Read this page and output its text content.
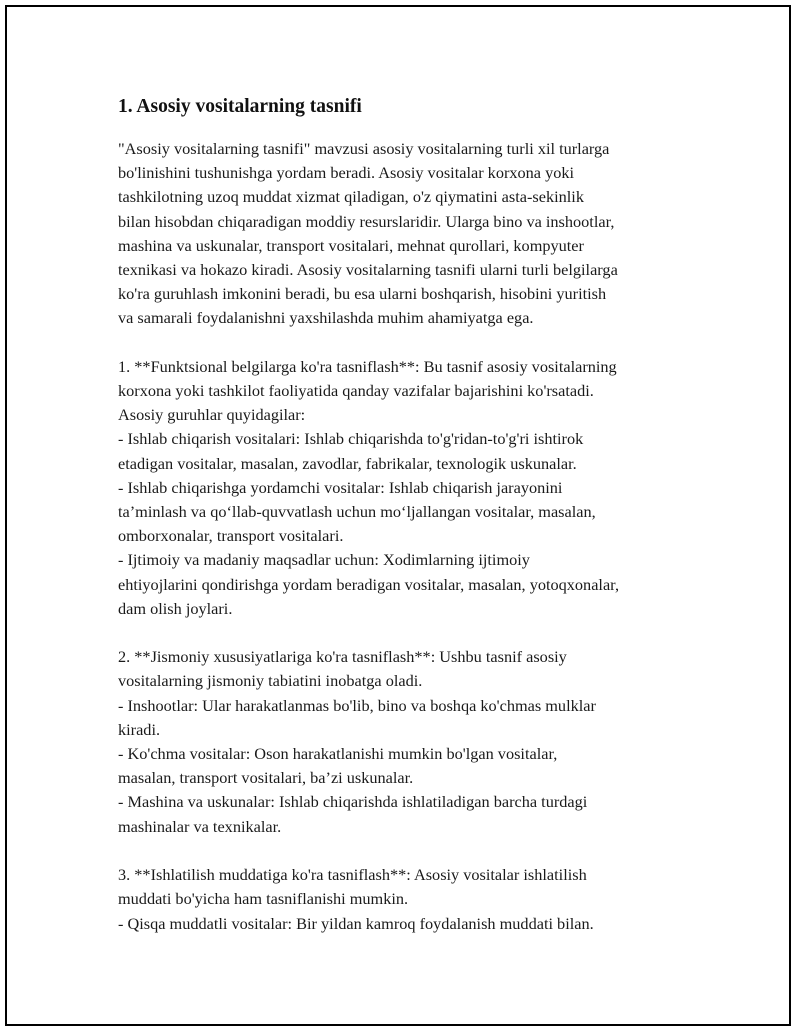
1. Asosiy vositalarning tasnifi

"Asosiy vositalarning tasnifi" mavzusi asosiy vositalarning turli xil turlarga
bo'linishini tushunishga yordam beradi. Asosiy vositalar korxona yoki
tashkilotning uzoq muddat xizmat qiladigan, o'z qiymatini asta-sekinlik
bilan hisobdan chiqaradigan moddiy resurslaridir. Ularga bino va inshootlar,
mashina va uskunalar, transport vositalari, mehnat qurollari, kompyuter
texnikasi va hokazo kiradi. Asosiy vositalarning tasnifi ularni turli belgilarga
ko'ra guruhlash imkonini beradi, bu esa ularni boshqarish, hisobini yuritish
va samarali foydalanishni yaxshilashda muhim ahamiyatga ega.

1. **Funktsional belgilarga ko'ra tasniflash**: Bu tasnif asosiy vositalarning
korxona yoki tashkilot faoliyatida qanday vazifalar bajarishini ko'rsatadi.
Asosiy guruhlar quyidagilar:
- Ishlab chiqarish vositalari: Ishlab chiqarishda to'g'ridan-to'g'ri ishtirok
etadigan vositalar, masalan, zavodlar, fabrikalar, texnologik uskunalar.
- Ishlab chiqarishga yordamchi vositalar: Ishlab chiqarish jarayonini
ta’minlash va qo‘llab-quvvatlash uchun mo‘ljallangan vositalar, masalan,
omborxonalar, transport vositalari.
- Ijtimoiy va madaniy maqsadlar uchun: Xodimlarning ijtimoiy
ehtiyojlarini qondirishga yordam beradigan vositalar, masalan, yotoqxonalar,
dam olish joylari.

2. **Jismoniy xususiyatlariga ko'ra tasniflash**: Ushbu tasnif asosiy
vositalarning jismoniy tabiatini inobatga oladi.
- Inshootlar: Ular harakatlanmas bo'lib, bino va boshqa ko'chmas mulklar
kiradi.
- Ko'chma vositalar: Oson harakatlanishi mumkin bo'lgan vositalar,
masalan, transport vositalari, ba’zi uskunalar.
- Mashina va uskunalar: Ishlab chiqarishda ishlatiladigan barcha turdagi
mashinalar va texnikalar.

3. **Ishlatilish muddatiga ko'ra tasniflash**: Asosiy vositalar ishlatilish
muddati bo'yicha ham tasniflanishi mumkin.
- Qisqa muddatli vositalar: Bir yildan kamroq foydalanish muddati bilan.
